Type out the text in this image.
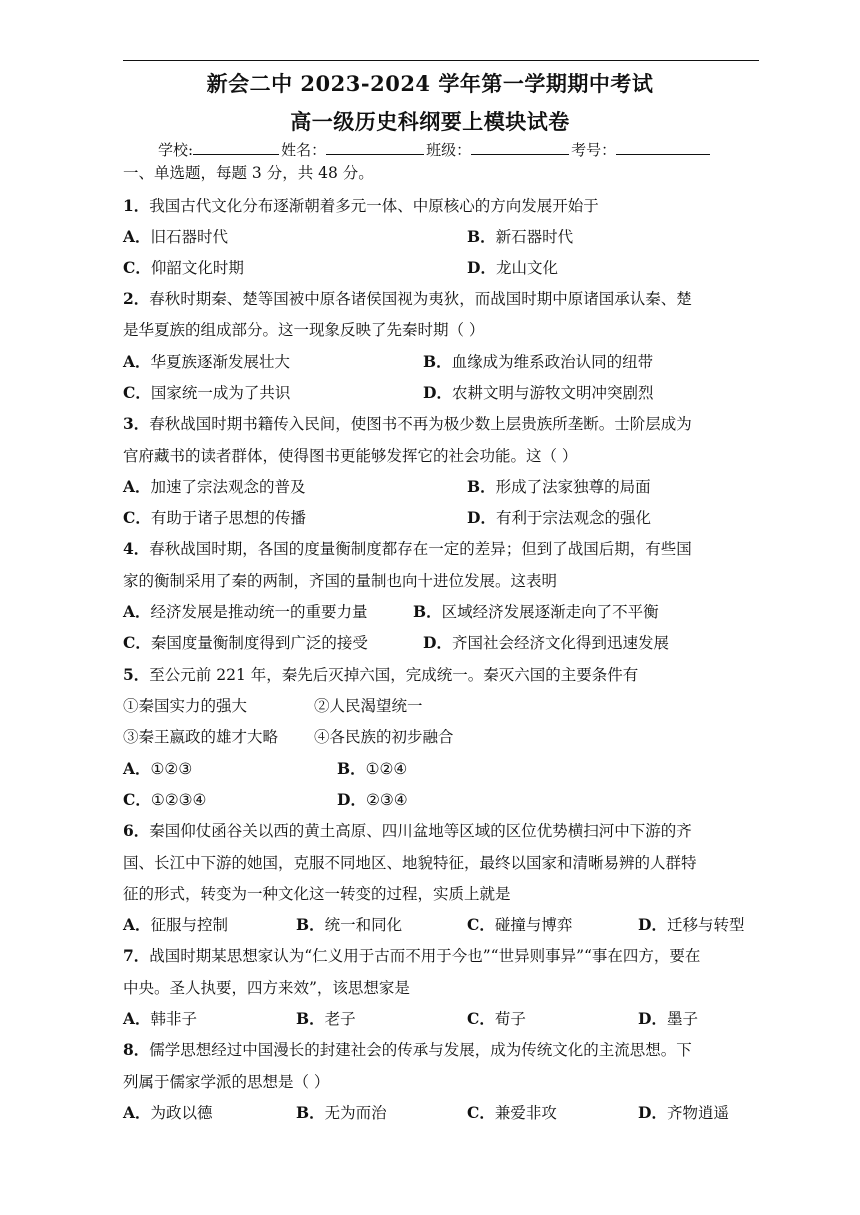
新会二中 2023-2024 学年第一学期期中考试
高一级历史科纲要上模块试卷
学校:	姓名：	班级：	考号：
一、单选题，每题 3 分，共 48 分。
1．我国古代文化分布逐渐朝着多元一体、中原核心的方向发展开始于
A．旧石器时代	B．新石器时代
C．仰韶文化时期	D．龙山文化
2．春秋时期秦、楚等国被中原各诸侯国视为夷狄，而战国时期中原诸国承认秦、楚
是华夏族的组成部分。这一现象反映了先秦时期（ ）
A．华夏族逐渐发展壮大	B．血缘成为维系政治认同的纽带
C．国家统一成为了共识	D．农耕文明与游牧文明冲突剧烈
3．春秋战国时期书籍传入民间，使图书不再为极少数上层贵族所垄断。士阶层成为
官府藏书的读者群体，使得图书更能够发挥它的社会功能。这（ ）
A．加速了宗法观念的普及	B．形成了法家独尊的局面
C．有助于诸子思想的传播	D．有利于宗法观念的强化
4．春秋战国时期，各国的度量衡制度都存在一定的差异；但到了战国后期，有些国
家的衡制采用了秦的两制，齐国的量制也向十进位发展。这表明
A．经济发展是推动统一的重要力量	B．区域经济发展逐渐走向了不平衡
C．秦国度量衡制度得到广泛的接受	D．齐国社会经济文化得到迅速发展
5．至公元前 221 年，秦先后灭掉六国，完成统一。秦灭六国的主要条件有
①秦国实力的强大	②人民渴望统一
③秦王嬴政的雄才大略 ④各民族的初步融合
A．①②③	B．①②④
C．①②③④	D．②③④
6．秦国仰仗函谷关以西的黄土高原、四川盆地等区域的区位优势横扫河中下游的齐
国、长江中下游的她国，克服不同地区、地貌特征，最终以国家和清晰易辨的人群特
征的形式，转变为一种文化这一转变的过程，实质上就是
A．征服与控制	B．统一和同化	C．碰撞与博弈	D．迁移与转型
7．战国时期某思想家认为“仁义用于古而不用于今也”“世异则事异”“事在四方，要在
中央。圣人执要，四方来效”，该思想家是
A．韩非子	B．老子	C．荀子	D．墨子
8．儒学思想经过中国漫长的封建社会的传承与发展，成为传统文化的主流思想。下
列属于儒家学派的思想是（ ）
A．为政以德	B．无为而治	C．兼爱非攻	D．齐物逍遥
